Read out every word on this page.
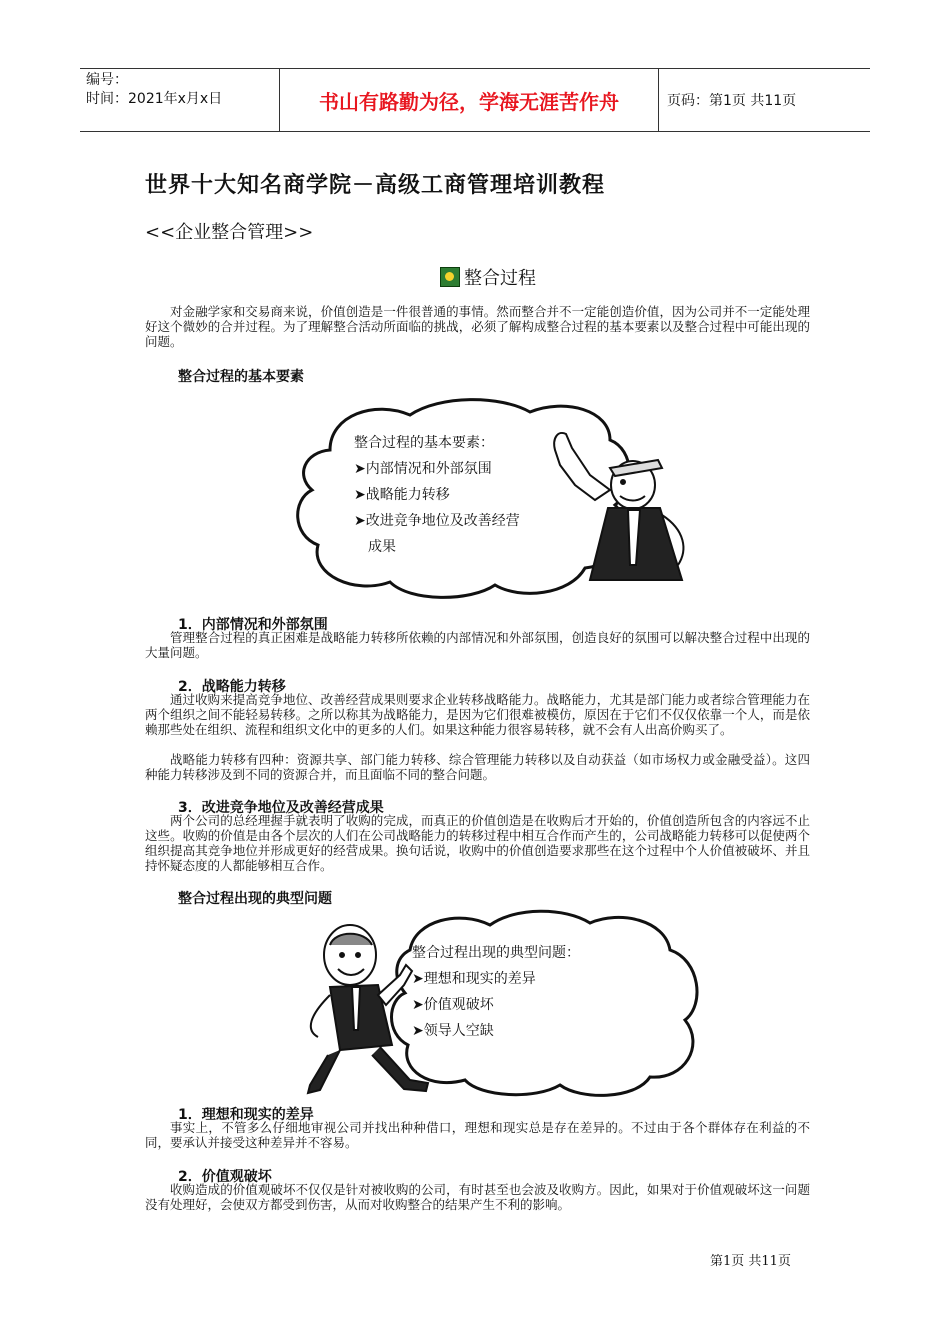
编号：
时间：2021年x月x日	书山有路勤为径，学海无涯苦作舟	页码：第1页 共11页
世界十大知名商学院－高级工商管理培训教程
<<企业整合管理>>
整合过程

对金融学家和交易商来说，价值创造是一件很普通的事情。然而整合并不一定能创造价值，因为公司并不一定能处理好这个微妙的合并过程。为了理解整合活动所面临的挑战，必须了解构成整合过程的基本要素以及整合过程中可能出现的问题。

整合过程的基本要素
整合过程的基本要素：
➤内部情况和外部氛围
➤战略能力转移
➤改进竞争地位及改善经营
成果
1．内部情况和外部氛围

管理整合过程的真正困难是战略能力转移所依赖的内部情况和外部氛围，创造良好的氛围可以解决整合过程中出现的大量问题。

2．战略能力转移

通过收购来提高竞争地位、改善经营成果则要求企业转移战略能力。战略能力，尤其是部门能力或者综合管理能力在两个组织之间不能轻易转移。之所以称其为战略能力，是因为它们很难被模仿，原因在于它们不仅仅依靠一个人，而是依赖那些处在组织、流程和组织文化中的更多的人们。如果这种能力很容易转移，就不会有人出高价购买了。

战略能力转移有四种：资源共享、部门能力转移、综合管理能力转移以及自动获益（如市场权力或金融受益）。这四种能力转移涉及到不同的资源合并，而且面临不同的整合问题。

3．改进竞争地位及改善经营成果

两个公司的总经理握手就表明了收购的完成，而真正的价值创造是在收购后才开始的，价值创造所包含的内容远不止这些。收购的价值是由各个层次的人们在公司战略能力的转移过程中相互合作而产生的，公司战略能力转移可以促使两个组织提高其竞争地位并形成更好的经营成果。换句话说，收购中的价值创造要求那些在这个过程中个人价值被破坏、并且持怀疑态度的人都能够相互合作。

整合过程出现的典型问题
整合过程出现的典型问题：
➤理想和现实的差异
➤价值观破坏
➤领导人空缺
1．理想和现实的差异

事实上，不管多么仔细地审视公司并找出种种借口，理想和现实总是存在差异的。不过由于各个群体存在利益的不同，要承认并接受这种差异并不容易。

2．价值观破坏

收购造成的价值观破坏不仅仅是针对被收购的公司，有时甚至也会波及收购方。因此，如果对于价值观破坏这一问题没有处理好，会使双方都受到伤害，从而对收购整合的结果产生不利的影响。

第1页 共11页
